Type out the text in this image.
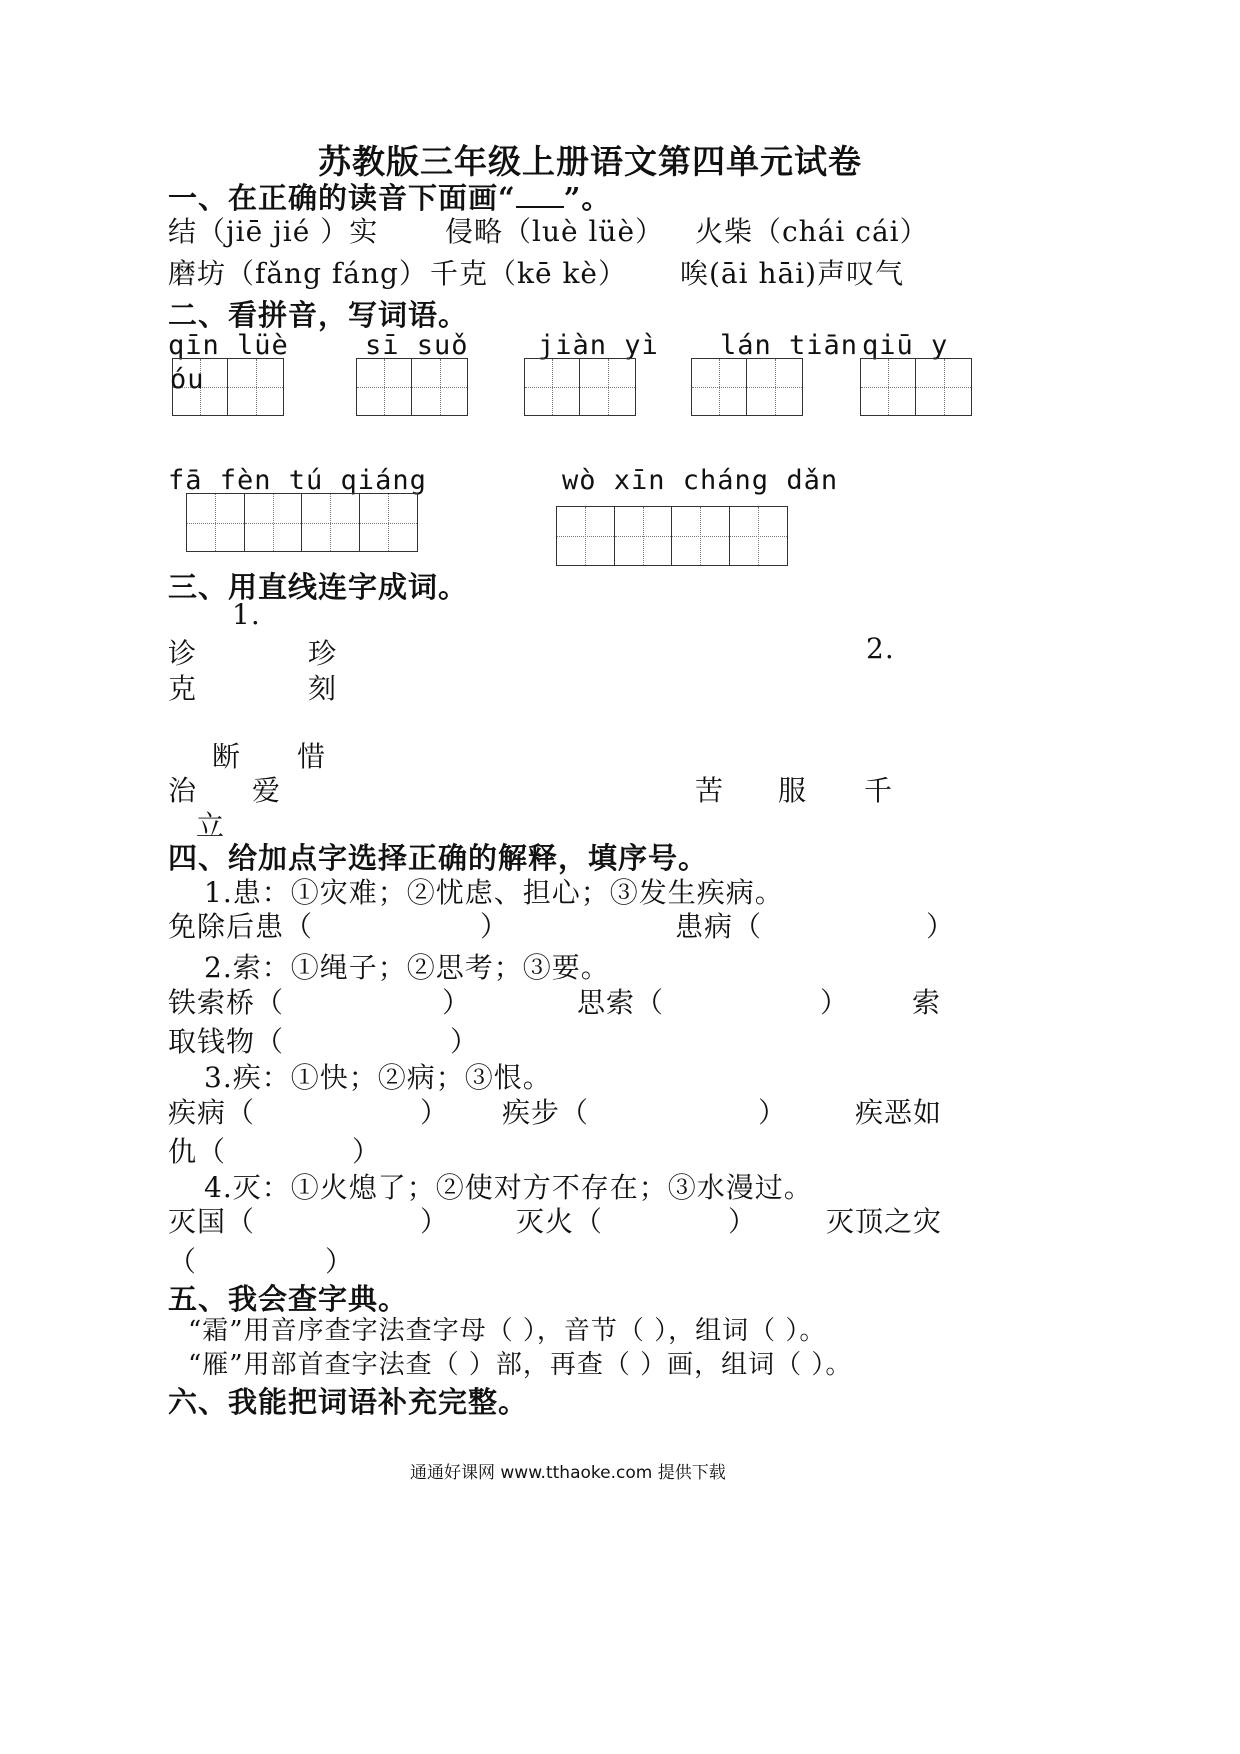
苏教版三年级上册语文第四单元试卷
一、在正确的读音下面画“ ”。
结（jiē jié ）实 侵略（luè lüè） 火柴（chái cái）
磨坊（fǎng fáng） 千克（kē kè） 唉(āi hāi)声叹气
二、看拼音，写词语。
qīn lüè	sī suǒ	jiàn yì lán tiān qiū y
óu
fā fèn tú qiáng	wò xīn cháng dǎn
三、用直线连字成词。
1.
诊	珍	2.
克	刻
断 惜
治 爱	苦 服 千
立
四、给加点字选择正确的解释，填序号。
1.患：①灾难；②忧虑、担心；③发生疾病。
免除后患（	）	患病（	）
2.索：①绳子；②思考；③要。
铁索桥（	）	思索（	） 索
取钱物（	）
3.疾：①快；②病；③恨。
疾病（	） 疾步（	） 疾恶如
仇（	）
4.灭：①火熄了；②使对方不存在；③水漫过。
灭国（	） 灭火（	） 灭顶之灾
（	）
五、我会查字典。
“霜”用音序查字法查字母（ ），音节（ ），组词（ ）。
“雁”用部首查字法查（ ）部，再查（ ）画，组词（ ）。
六、我能把词语补充完整。
通通好课网 www.tthaoke.com 提供下载
